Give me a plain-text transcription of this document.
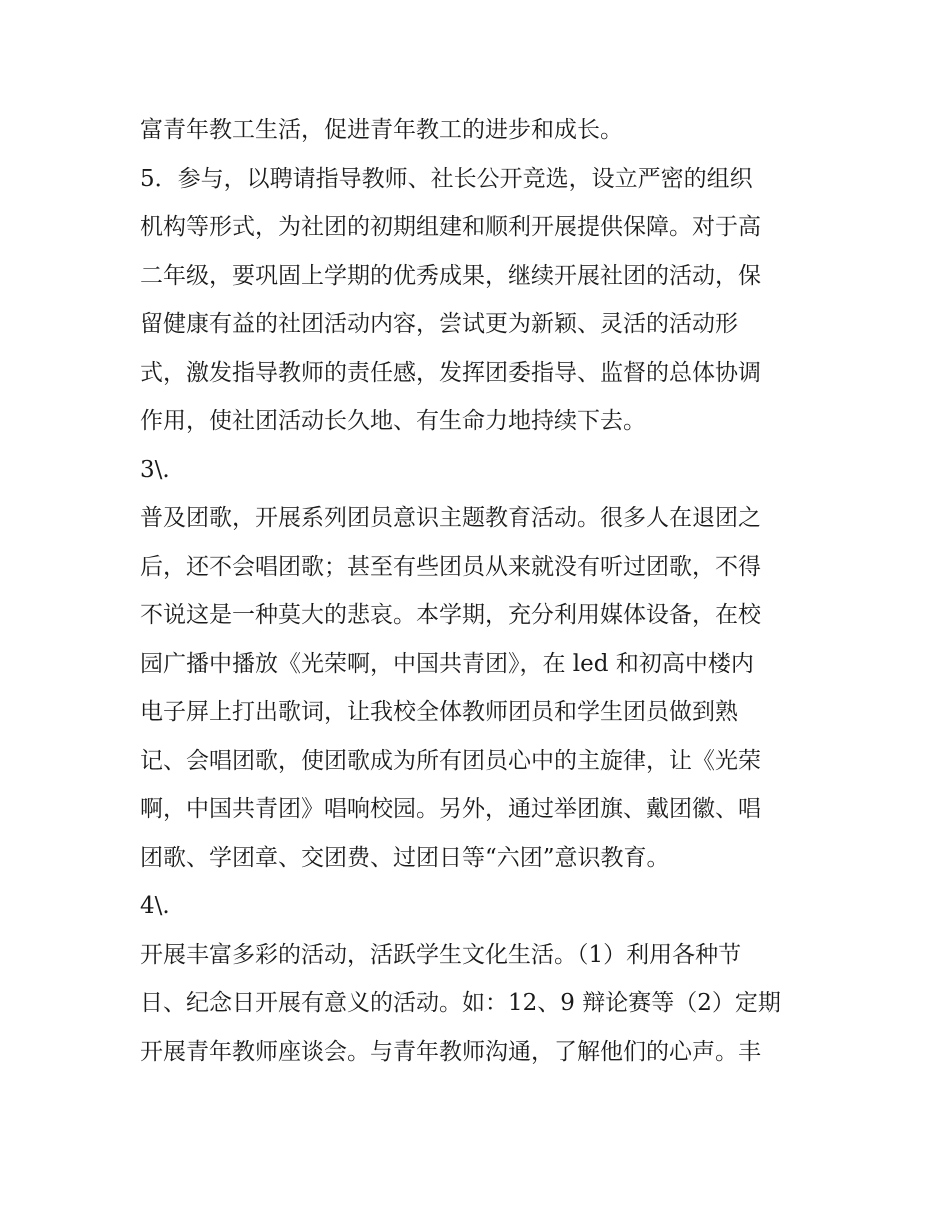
富青年教工生活，促进青年教工的进步和成长。
5．参与，以聘请指导教师、社长公开竞选，设立严密的组织
机构等形式，为社团的初期组建和顺利开展提供保障。对于高
二年级，要巩固上学期的优秀成果，继续开展社团的活动，保
留健康有益的社团活动内容，尝试更为新颖、灵活的活动形
式，激发指导教师的责任感，发挥团委指导、监督的总体协调
作用，使社团活动长久地、有生命力地持续下去。
3\.
普及团歌，开展系列团员意识主题教育活动。很多人在退团之
后，还不会唱团歌；甚至有些团员从来就没有听过团歌，不得
不说这是一种莫大的悲哀。本学期，充分利用媒体设备，在校
园广播中播放《光荣啊，中国共青团》，在 led 和初高中楼内
电子屏上打出歌词，让我校全体教师团员和学生团员做到熟
记、会唱团歌，使团歌成为所有团员心中的主旋律，让《光荣
啊，中国共青团》唱响校园。另外，通过举团旗、戴团徽、唱
团歌、学团章、交团费、过团日等“六团”意识教育。
4\.
开展丰富多彩的活动，活跃学生文化生活。（1）利用各种节
日、纪念日开展有意义的活动。如：12、9 辩论赛等（2）定期
开展青年教师座谈会。与青年教师沟通，了解他们的心声。丰
